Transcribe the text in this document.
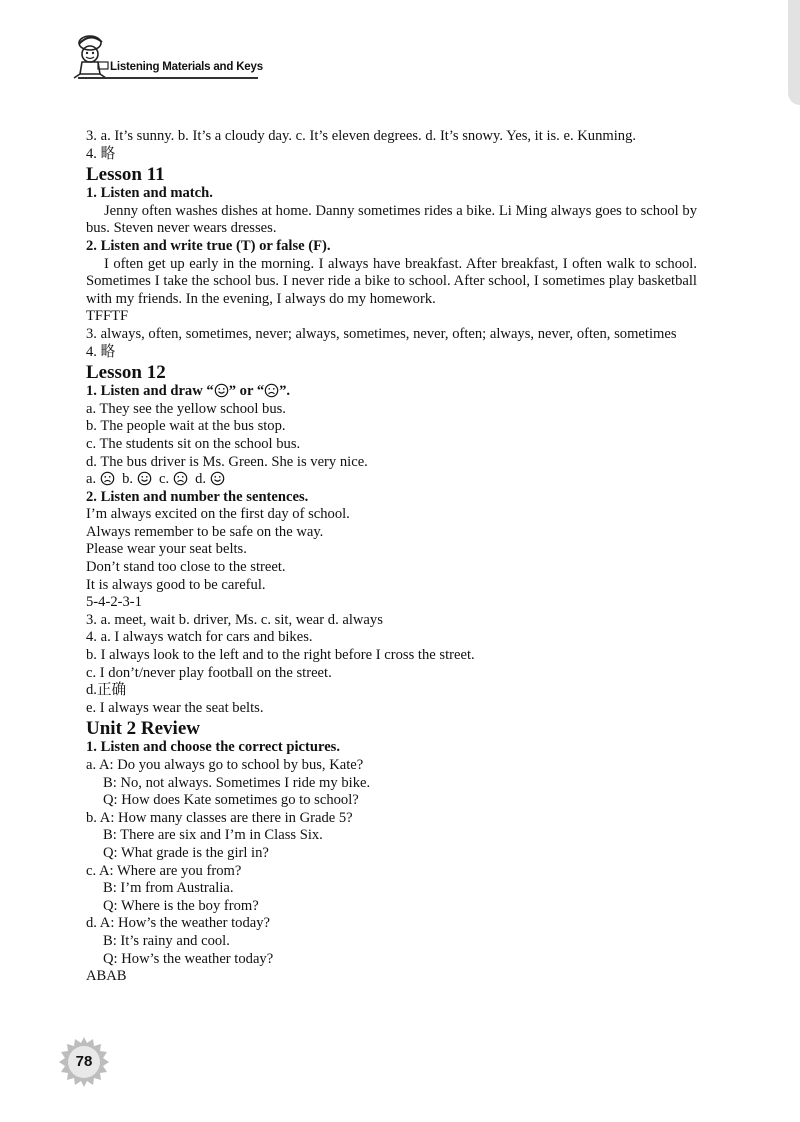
Listening Materials and Keys

3. a. It’s sunny. b. It’s a cloudy day. c. It’s eleven degrees. d. It’s snowy. Yes, it is. e. Kunming.

4. 略

Lesson 11

1. Listen and match.

Jenny often washes dishes at home. Danny sometimes rides a bike. Li Ming always goes to school by bus. Steven never wears dresses.

2. Listen and write true (T) or false (F).

I often get up early in the morning. I always have breakfast. After breakfast, I often walk to school. Sometimes I take the school bus. I never ride a bike to school. After school, I sometimes play basketball with my friends. In the evening, I always do my homework.

TFFTF

3. always, often, sometimes, never; always, sometimes, never, often; always, never, often, sometimes

4. 略

Lesson 12

1. Listen and draw “ ” or “ ”.

a. They see the yellow school bus.

b. The people wait at the bus stop.

c. The students sit on the school bus.

d. The bus driver is Ms. Green. She is very nice.

a. b. c. d.

2. Listen and number the sentences.

I’m always excited on the first day of school.

Always remember to be safe on the way.

Please wear your seat belts.

Don’t stand too close to the street.

It is always good to be careful.

5-4-2-3-1

3. a. meet, wait b. driver, Ms. c. sit, wear d. always

4. a. I always watch for cars and bikes.

b. I always look to the left and to the right before I cross the street.

c. I don’t/never play football on the street.

d.正确

e. I always wear the seat belts.

Unit 2 Review

1. Listen and choose the correct pictures.

a. A: Do you always go to school by bus, Kate?

B: No, not always. Sometimes I ride my bike.

Q: How does Kate sometimes go to school?

b. A: How many classes are there in Grade 5?

B: There are six and I’m in Class Six.

Q: What grade is the girl in?

c. A: Where are you from?

B: I’m from Australia.

Q: Where is the boy from?

d. A: How’s the weather today?

B: It’s rainy and cool.

Q: How’s the weather today?

ABAB

78
